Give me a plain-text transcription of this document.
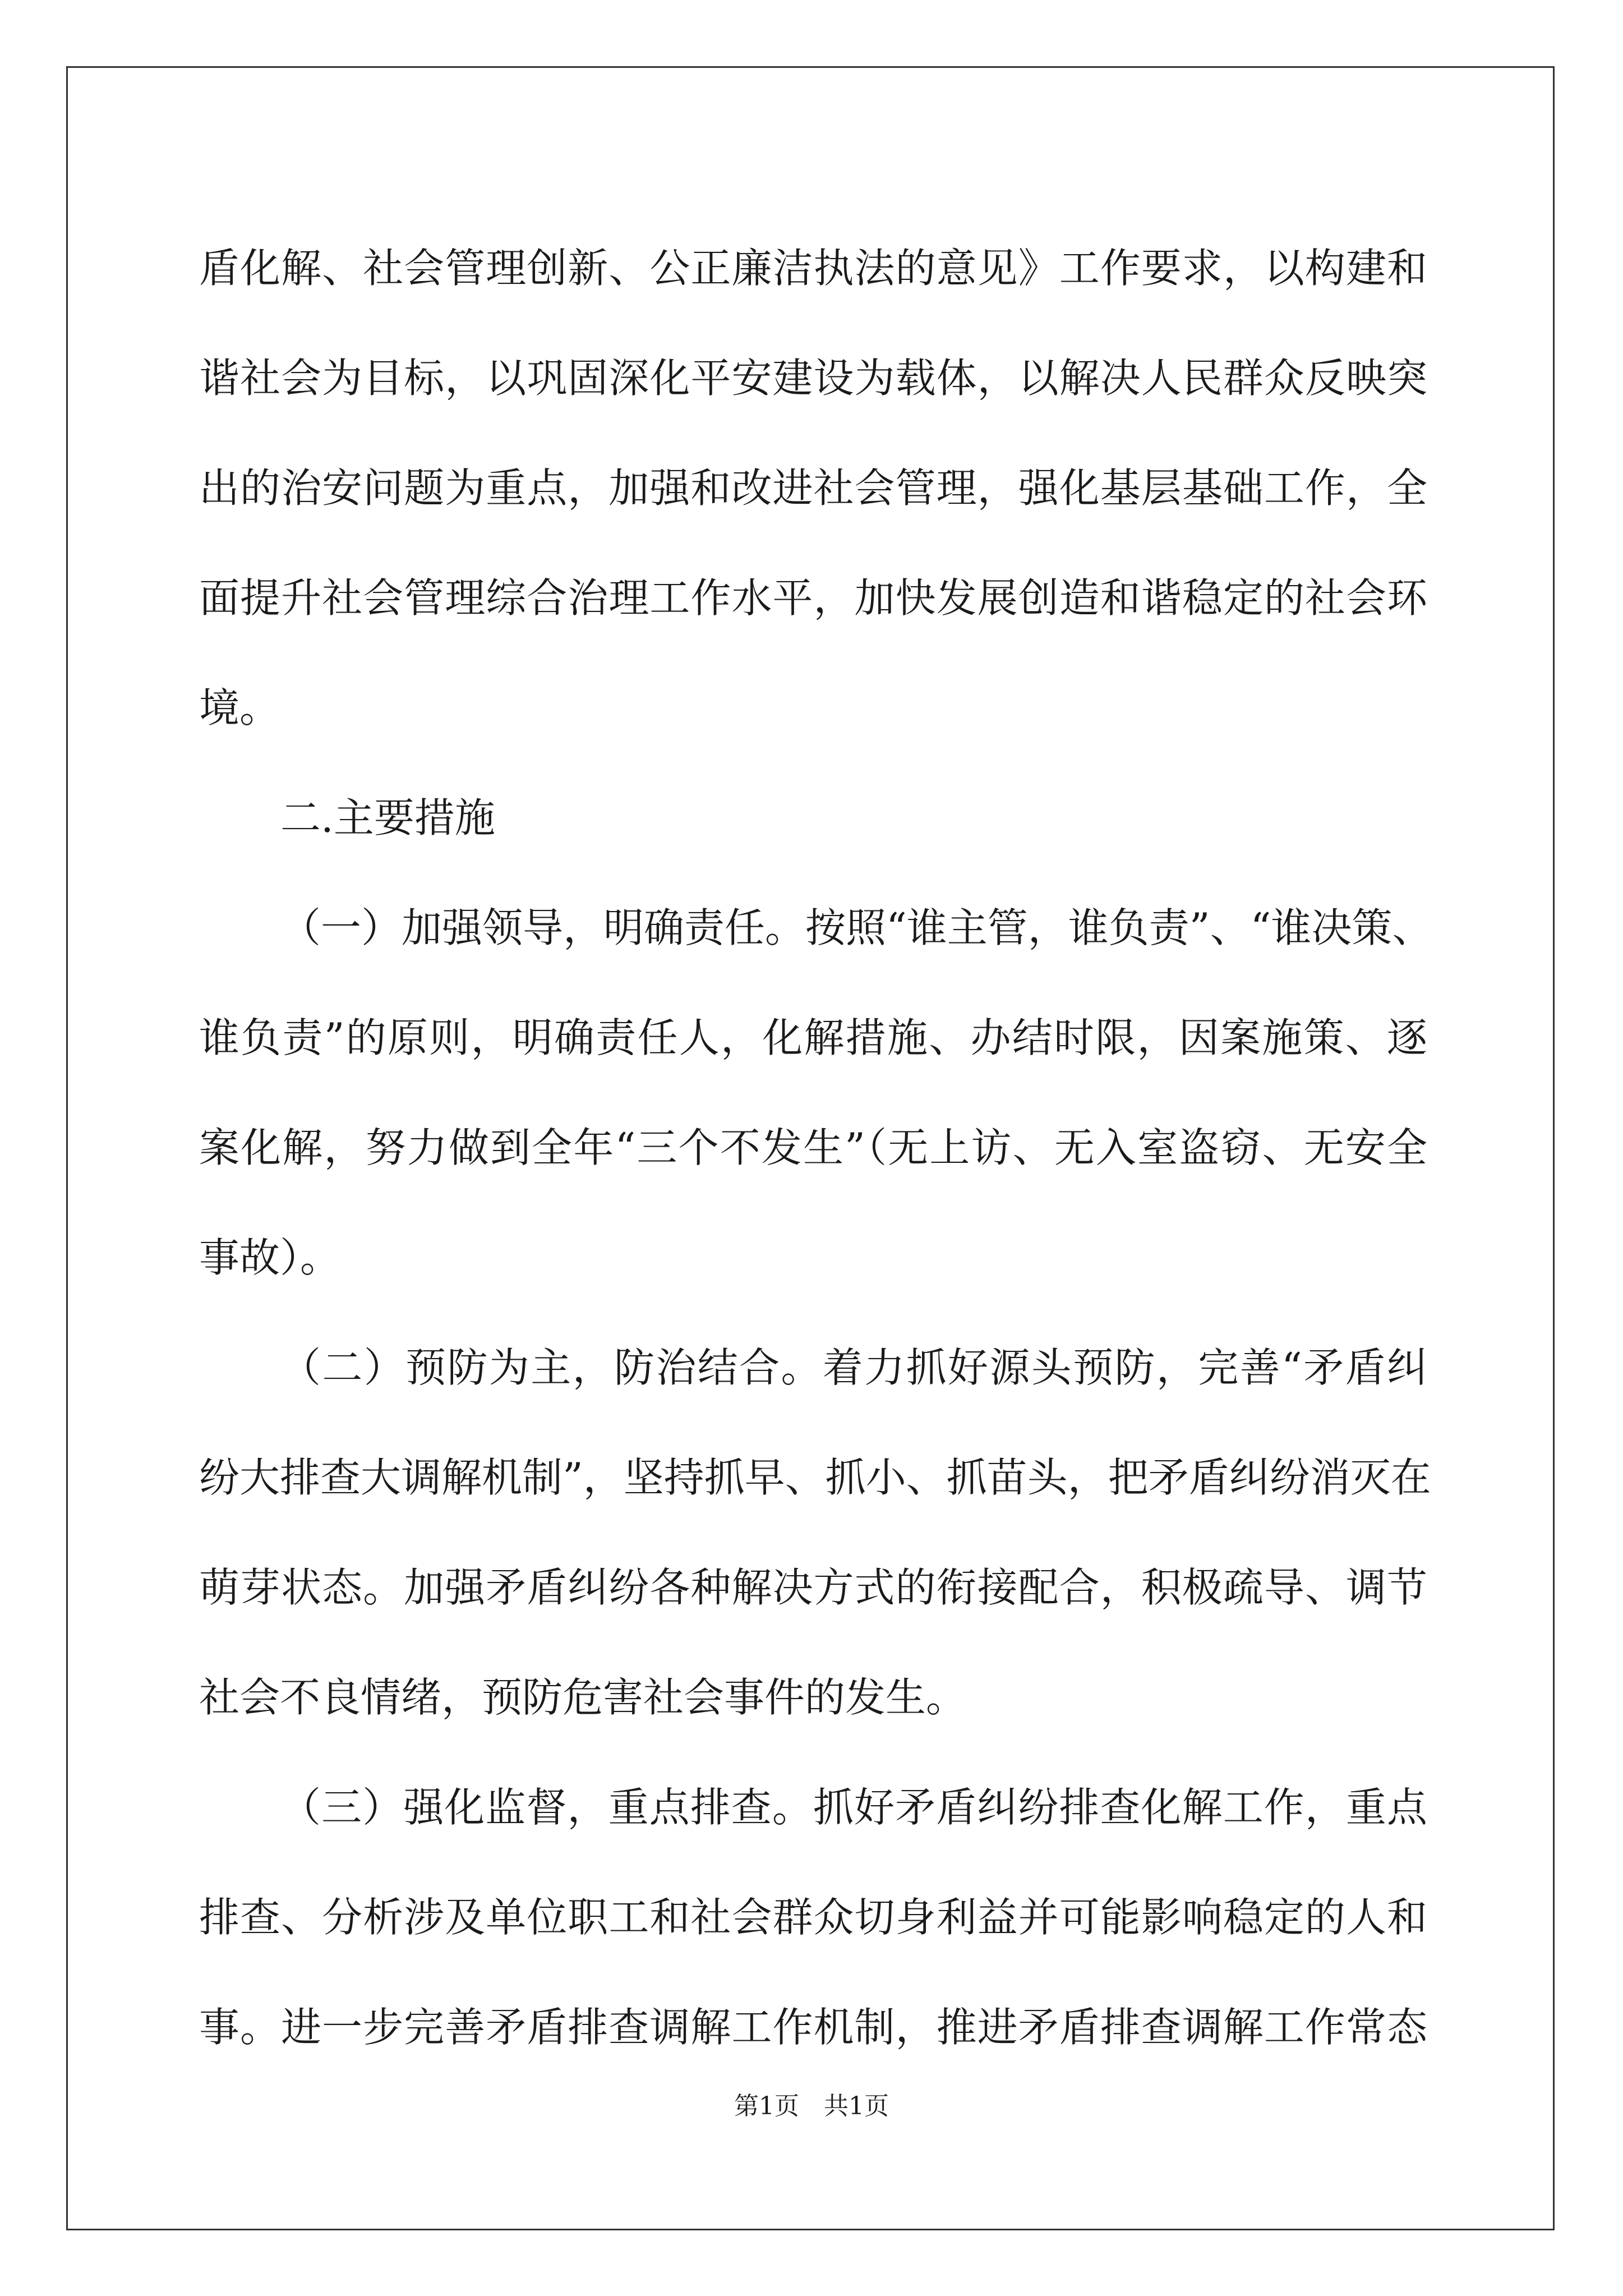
盾化解、社会管理创新、公正廉洁执法的意见》工作要求，以构建和
谐社会为目标，以巩固深化平安建设为载体，以解决人民群众反映突
出的治安问题为重点，加强和改进社会管理，强化基层基础工作，全
面提升社会管理综合治理工作水平，加快发展创造和谐稳定的社会环
境。
二.主要措施
（一）加强领导，明确责任。按照“谁主管，谁负责”、“谁决策、
谁负责”的原则，明确责任人，化解措施、办结时限，因案施策、逐
案化解，努力做到全年“三个不发生”（无上访、无入室盗窃、无安全
事故）。
（二）预防为主，防治结合。着力抓好源头预防，完善“矛盾纠
纷大排查大调解机制”，坚持抓早、抓小、抓苗头，把矛盾纠纷消灭在
萌芽状态。加强矛盾纠纷各种解决方式的衔接配合，积极疏导、调节
社会不良情绪，预防危害社会事件的发生。
（三）强化监督，重点排查。抓好矛盾纠纷排查化解工作，重点
排查、分析涉及单位职工和社会群众切身利益并可能影响稳定的人和
事。进一步完善矛盾排查调解工作机制，推进矛盾排查调解工作常态
第1页　共1页
